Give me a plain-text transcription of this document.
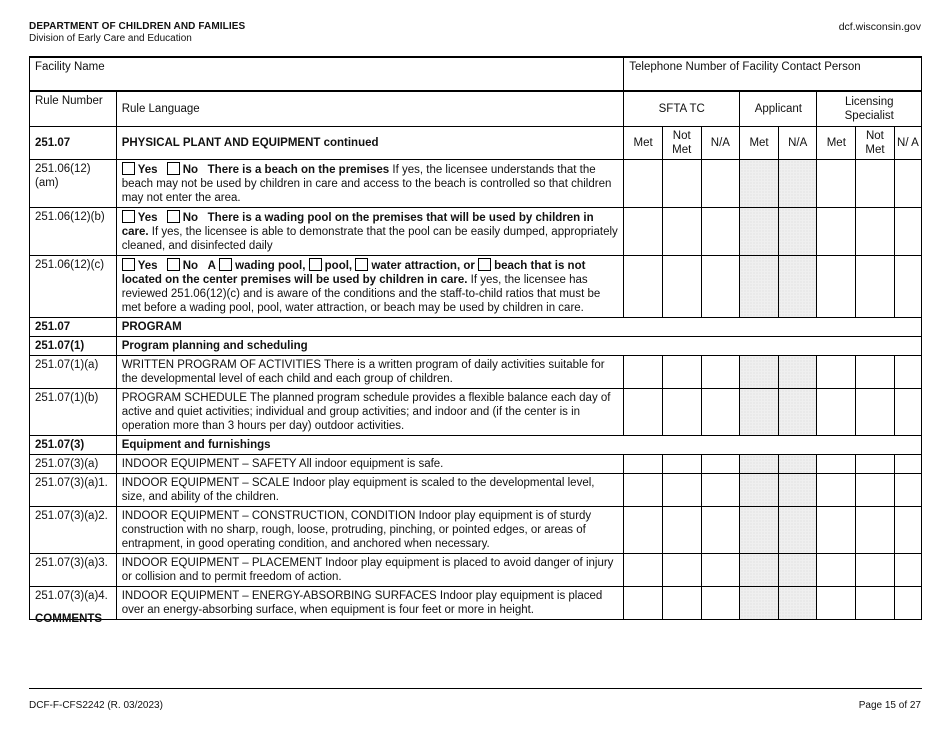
DEPARTMENT OF CHILDREN AND FAMILIES
Division of Early Care and Education
dcf.wisconsin.gov
Facility Name		Telephone Number of Facility Contact Person							
Rule Number	Rule Language	SFTA TC			Applicant		Licensing Specialist		
251.07	PHYSICAL PLANT AND EQUIPMENT continued	Met	Not Met	N/A	Met	N/A	Met	Not Met	N/ A
251.06(12)(am)	Yes No There is a beach on the premises If yes, the licensee understands that the beach may not be used by children in care and access to the beach is controlled so that children may not enter the area.								
251.06(12)(b)	Yes No There is a wading pool on the premises that will be used by children in care. If yes, the licensee is able to demonstrate that the pool can be easily dumped, appropriately cleaned, and disinfected daily								
251.06(12)(c)	Yes No A wading pool, pool, water attraction, or beach that is not located on the center premises will be used by children in care. If yes, the licensee has reviewed 251.06(12)(c) and is aware of the conditions and the staff-to-child ratios that must be met before a wading pool, pool, water attraction, or beach may be used by children in care.								
251.07	PROGRAM								
251.07(1)	Program planning and scheduling								
251.07(1)(a)	WRITTEN PROGRAM OF ACTIVITIES There is a written program of daily activities suitable for the developmental level of each child and each group of children.								
251.07(1)(b)	PROGRAM SCHEDULE The planned program schedule provides a flexible balance each day of active and quiet activities; individual and group activities; and indoor and (if the center is in operation more than 3 hours per day) outdoor activities.								
251.07(3)	Equipment and furnishings								
251.07(3)(a)	INDOOR EQUIPMENT – SAFETY All indoor equipment is safe.								
251.07(3)(a)1.	INDOOR EQUIPMENT – SCALE Indoor play equipment is scaled to the developmental level, size, and ability of the children.								
251.07(3)(a)2.	INDOOR EQUIPMENT – CONSTRUCTION, CONDITION Indoor play equipment is of sturdy construction with no sharp, rough, loose, protruding, pinching, or pointed edges, or areas of entrapment, in good operating condition, and anchored when necessary.								
251.07(3)(a)3.	INDOOR EQUIPMENT – PLACEMENT Indoor play equipment is placed to avoid danger of injury or collision and to permit freedom of action.								
251.07(3)(a)4.	INDOOR EQUIPMENT – ENERGY-ABSORBING SURFACES Indoor play equipment is placed over an energy-absorbing surface, when equipment is four feet or more in height.								
COMMENTS
DCF-F-CFS2242 (R. 03/2023)	Page 15 of 27
